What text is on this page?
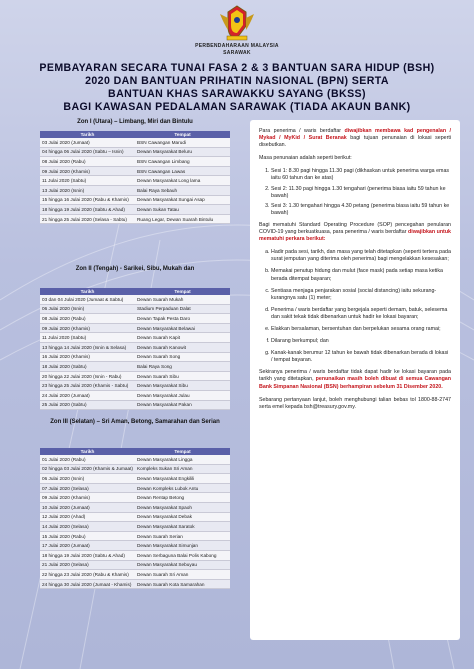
PERBENDAHARAAN MALAYSIA
SARAWAK
PEMBAYARAN SECARA TUNAI FASA 2 & 3 BANTUAN SARA HIDUP (BSH)
2020 DAN BANTUAN PRIHATIN NASIONAL (BPN) SERTA
BANTUAN KHAS SARAWAKKU SAYANG (BKSS)
BAGI KAWASAN PEDALAMAN SARAWAK (TIADA AKAUN BANK)
Zon I (Utara) – Limbang, Miri dan Bintulu
Tarikh	Tempat
03 Julai 2020 (Jumaat)	BSN Cawangan Marudi
04 hingga 06 Julai 2020 (Sabtu – Isnin)	Dewan Masyarakat Beluru
08 Julai 2020 (Rabu)	BSN Cawangan Limbang
09 Julai 2020 (Khamis)	BSN Cawangan Lawas
11 Julai 2020 (Sabtu)	Dewan Masyarakat Long lama
13 Julai 2020 (Isnin)	Balai Raya Sebauh
15 hingga 16 Julai 2020 (Rabu & Khamis)	Dewan Masyarakat Sungai Asap
18 hingga 19 Julai 2020 (Sabtu & Ahad)	Dewan Sukan Tatau
21 hingga 25 Julai 2020 (Selasa - Sabtu)	Ruang Legar, Dewan Suarah Bintulu
Zon II (Tengah) - Sarikei, Sibu, Mukah dan
Tarikh	Tempat
03 dan 04 Julai 2020 (Jumaat & Sabtu)	Dewan Suarah Mukah
06 Julai 2020 (Isnin)	Stadium Perpaduan Dalat
08 Julai 2020 (Rabu)	Dewan Tapak Pesta Daro
09 Julai 2020 (Khamis)	Dewan Masyarakat Belawai
11 Julai 2020 (Sabtu)	Dewan Suarah Kapit
13 hingga 14 Julai 2020 (Isnin & Selasa)	Dewan Suarah Kanowit
16 Julai 2020 (Khamis)	Dewan Suarah Song
18 Julai 2020 (Sabtu)	Balai Raya Song
20 hingga 22 Julai 2020 (Isnin - Rabu)	Dewan Suarah Sibu
23 hingga 25 Julai 2020 (Khamis - Sabtu)	Dewan Masyarakat Sibu
24 Julai 2020 (Jumaat)	Dewan Masyarakat Julau
25 Julai 2020 (Sabtu)	Dewan Masyarakat Pakan
Zon III (Selatan) – Sri Aman, Betong, Samarahan dan Serian
Tarikh	Tempat
01 Julai 2020 (Rabu)	Dewan Masyarakat Lingga
02 hingga 03 Julai 2020 (Khamis & Jumaat)	Kompleks Sukan Sri Aman
06 Julai 2020 (Isnin)	Dewan Masyarakat Engkilili
07 Julai 2020 (Selasa)	Dewan Kompleks Lubok Antu
09 Julai 2020 (Khamis)	Dewan Rentap Betong
10 Julai 2020 (Jumaat)	Dewan Masyarakat Spaoh
12 Julai 2020 (Ahad)	Dewan Masyarakat Debak
14 Julai 2020 (Selasa)	Dewan Masyarakat Saratok
15 Julai 2020 (Rabu)	Dewan Suarah Serian
17 Julai 2020 (Jumaat)	Dewan Masyarakat Simunjan
18 hingga 19 Julai 2020 (Sabtu & Ahad)	Dewan Serbaguna Balai Polis Kabong
21 Julai 2020 (Selasa)	Dewan Masyarakat Sebuyau
22 hingga 23 Julai 2020 (Rabu & Khamis)	Dewan Suarah Sri Aman
24 hingga 30 Julai 2020 (Jumaat - Khamis)	Dewan Suarah Kota Samarahan

Para penerima / waris berdaftar diwajibkan membawa kad pengenalan / Mykad / MyKid / Surat Beranak bagi tujuan penunaian di lokasi seperti disebutkan.

Masa penunaian adalah seperti berikut:

1. Sesi 1: 8.30 pagi hingga 11.30 pagi (dikhaskan untuk penerima warga emas iaitu 60 tahun dan ke atas)
2. Sesi 2: 11.30 pagi hingga 1.30 tengahari (penerima biasa iaitu 59 tahun ke bawah)
3. Sesi 3: 1.30 tengahari hingga 4.30 petang (penerima biasa iaitu 59 tahun ke bawah)

Bagi mematuhi Standard Operating Procedure (SOP) pencegahan penularan COVID-19 yang berkuatkuasa, para penerima / waris berdaftar diwajibkan untuk mematuhi perkara berikut:

a. Hadir pada sesi, tarikh, dan masa yang telah ditetapkan (seperti tertera pada surat jemputan yang diterima oleh penerima) bagi mengelakkan kesesakan;
b. Memakai penutup hidung dan mulut (face mask) pada setiap masa ketika berada ditempat bayaran;
c. Sentiasa menjaga penjarakan sosial (social distancing) iaitu sekurang-kurangnya satu (1) meter;
d. Penerima / waris berdaftar yang bergejala seperti demam, batuk, selesema dan sakit tekak tidak dibenarkan untuk hadir ke lokasi bayaran;
e. Elakkan bersalaman, bersentuhan dan berpelukan sesama orang ramai;
f. Dilarang berkumpul; dan
g. Kanak-kanak berumur 12 tahun ke bawah tidak dibenarkan berada di lokasi / tempat bayaran.

Sekiranya penerima / waris berdaftar tidak dapat hadir ke lokasi bayaran pada tarikh yang ditetapkan, penunaikan masih boleh dibuat di semua Cawangan Bank Simpanan Nasional (BSN) berhampiran sebelum 31 Disember 2020.

Sebarang pertanyaan lanjut, boleh menghubungi talian bebas tol 1800-88-2747 serta emel kepada bsh@treasury.gov.my.
